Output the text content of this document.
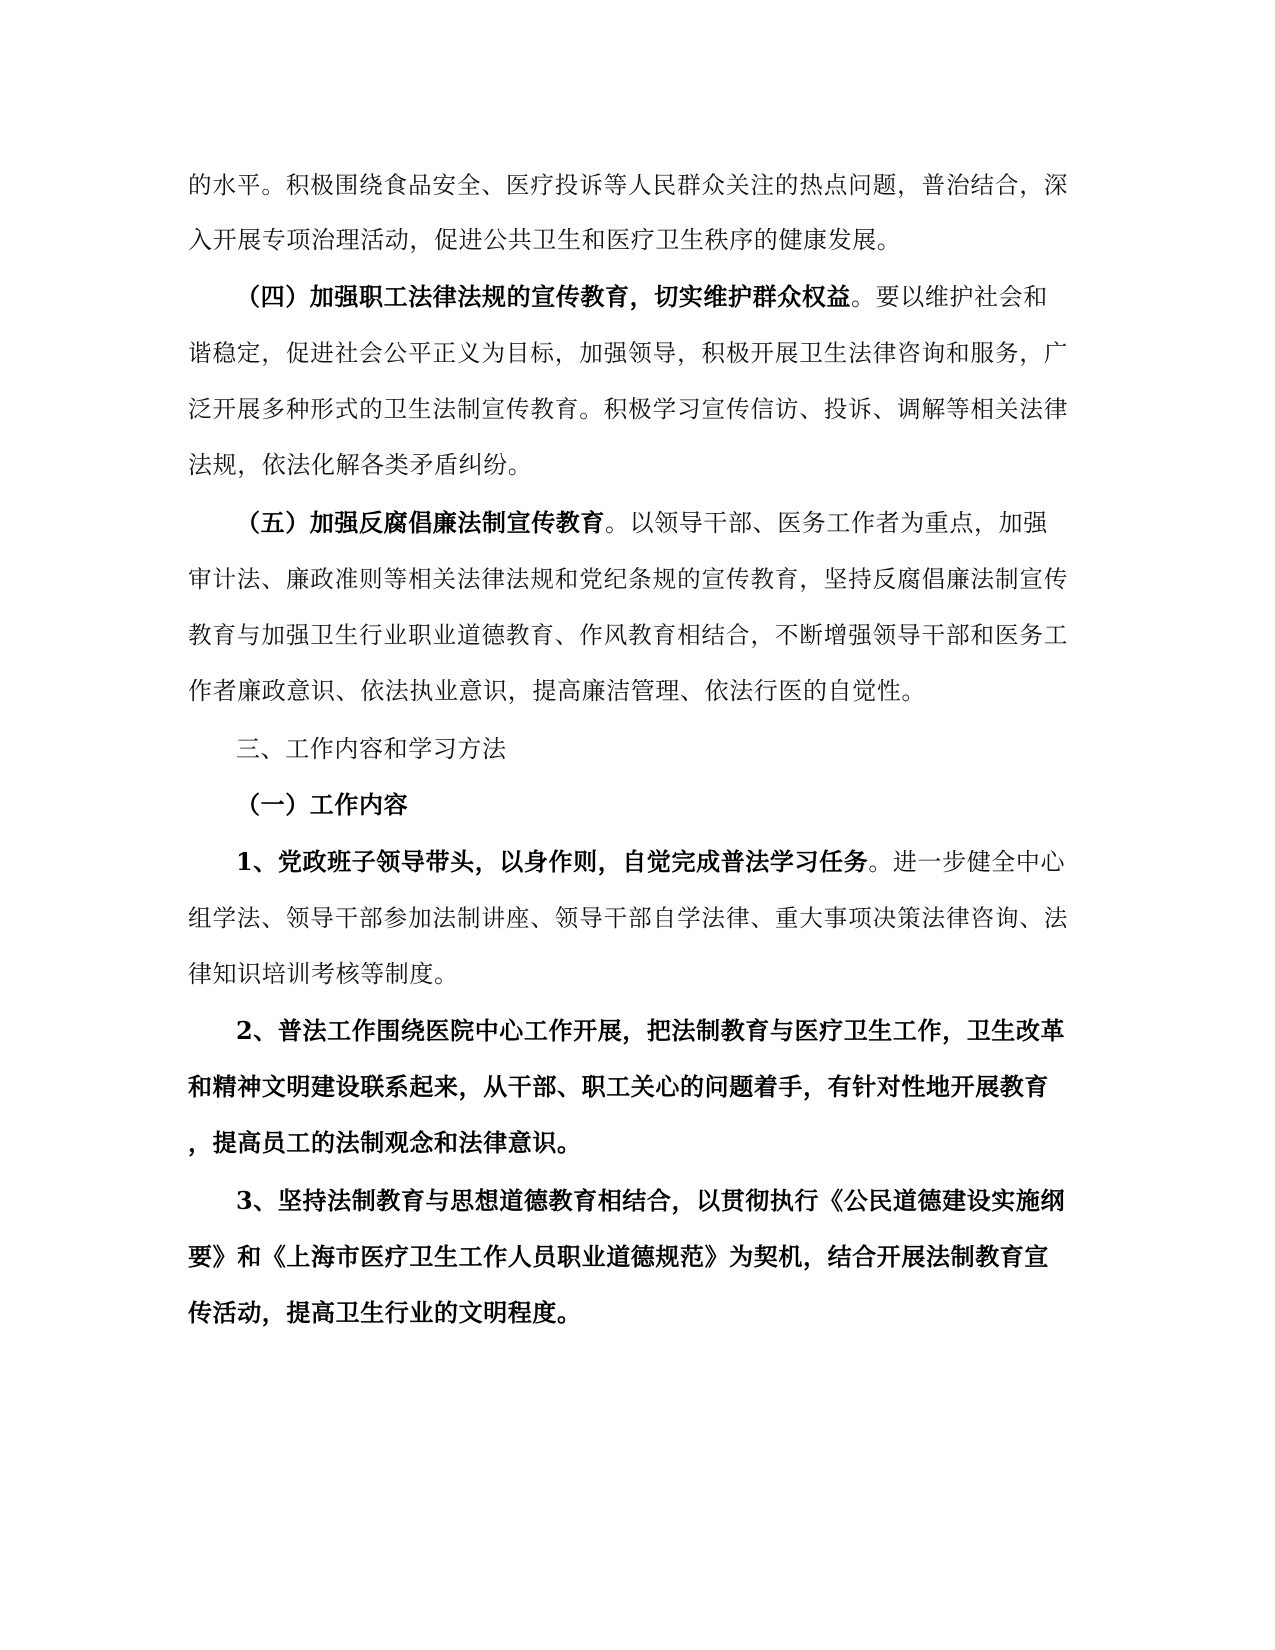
的水平。积极围绕食品安全、医疗投诉等人民群众关注的热点问题，普治结合，深
入开展专项治理活动，促进公共卫生和医疗卫生秩序的健康发展。
（四）加强职工法律法规的宣传教育，切实维护群众权益。要以维护社会和
谐稳定，促进社会公平正义为目标，加强领导，积极开展卫生法律咨询和服务，广
泛开展多种形式的卫生法制宣传教育。积极学习宣传信访、投诉、调解等相关法律
法规，依法化解各类矛盾纠纷。
（五）加强反腐倡廉法制宣传教育。以领导干部、医务工作者为重点，加强
审计法、廉政准则等相关法律法规和党纪条规的宣传教育，坚持反腐倡廉法制宣传
教育与加强卫生行业职业道德教育、作风教育相结合，不断增强领导干部和医务工
作者廉政意识、依法执业意识，提高廉洁管理、依法行医的自觉性。
三、工作内容和学习方法
（一）工作内容
1、党政班子领导带头，以身作则，自觉完成普法学习任务。进一步健全中心
组学法、领导干部参加法制讲座、领导干部自学法律、重大事项决策法律咨询、法
律知识培训考核等制度。
2、普法工作围绕医院中心工作开展，把法制教育与医疗卫生工作，卫生改革
和精神文明建设联系起来，从干部、职工关心的问题着手，有针对性地开展教育
，提高员工的法制观念和法律意识。
3、坚持法制教育与思想道德教育相结合，以贯彻执行《公民道德建设实施纲
要》和《上海市医疗卫生工作人员职业道德规范》为契机，结合开展法制教育宣
传活动，提高卫生行业的文明程度。
